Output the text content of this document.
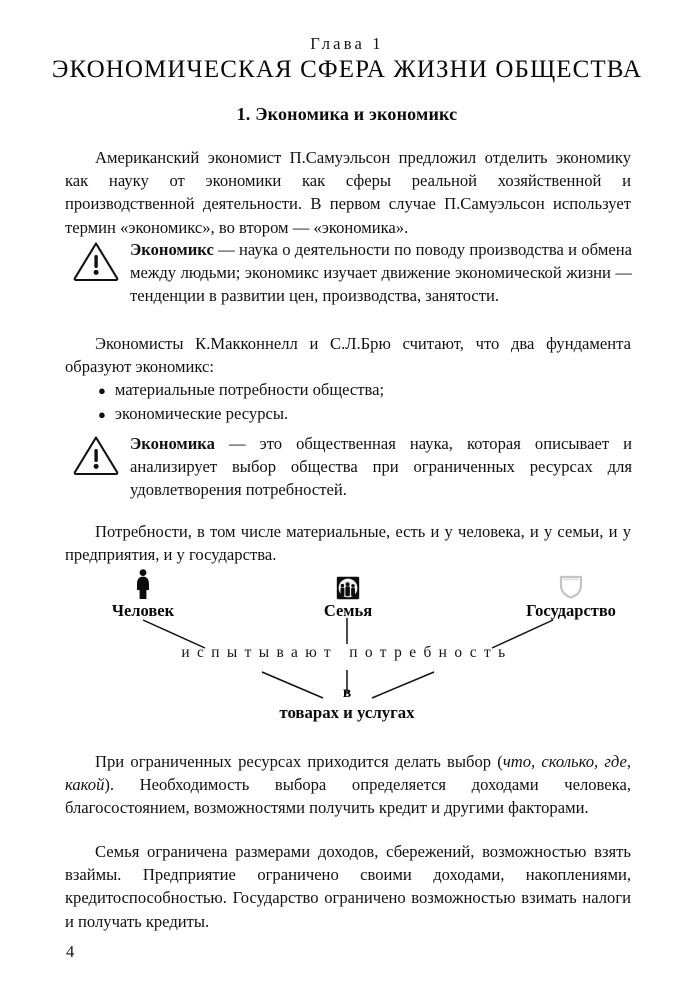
Глава 1
ЭКОНОМИЧЕСКАЯ СФЕРА ЖИЗНИ ОБЩЕСТВА
1. Экономика и экономикс
Американский экономист П.Самуэльсон предложил отделить экономику как науку от экономики как сферы реальной хозяйственной и производственной деятельности. В первом случае П.Самуэльсон использует термин «экономикс», во втором — «экономика».
Экономикс — наука о деятельности по поводу производства и обмена между людьми; экономикс изучает движение экономической жизни — тенденции в развитии цен, производства, занятости.
Экономисты К.Макконнелл и С.Л.Брю считают, что два фундамента образуют экономикс:
● материальные потребности общества;
● экономические ресурсы.
Экономика — это общественная наука, которая описывает и анализирует выбор общества при ограниченных ресурсах для удовлетворения потребностей.
Потребности, в том числе материальные, есть и у человека, и у семьи, и у предприятия, и у государства.
Человек	Семья	Государство
испытывают потребность
в
товарах и услугах
При ограниченных ресурсах приходится делать выбор (что, сколько, где, какой). Необходимость выбора определяется доходами человека, благосостоянием, возможностями получить кредит и другими факторами.
Семья ограничена размерами доходов, сбережений, возможностью взять взаймы. Предприятие ограничено своими доходами, накоплениями, кредитоспособностью. Государство ограничено возможностью взимать налоги и получать кредиты.
4
